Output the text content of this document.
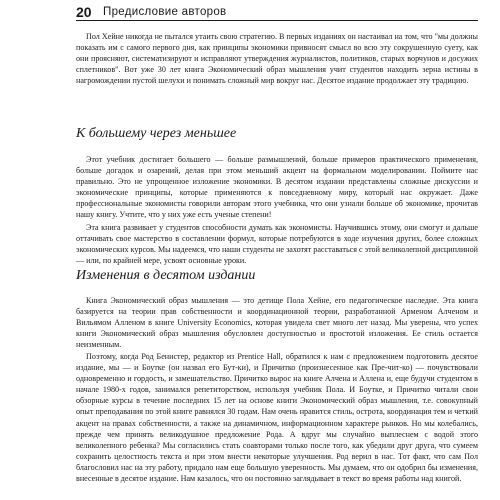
20 Предисловие авторов

Пол Хейне никогда не пытался утаить свою стратегию. В первых изданиях он настаивал на том, что "мы должны показать им с самого первого дня, как принципы экономики привносят смысл во всю эту сокрушенную суету, как они проясняют, систематизируют и исправляют утверждения журналистов, политиков, старых ворчунов и досужих сплетников". Вот уже 30 лет книга Экономический образ мышления учит студентов находить зерна истины в нагромождении пустой шелухи и понимать сложный мир вокруг нас. Десятое издание продолжает эту традицию.

К большему через меньшее

Этот учебник достигает большего — больше размышлений, больше примеров практического применения, больше догадок и озарений, делая при этом меньший акцент на формальном моделировании. Поймите нас правильно. Это не упрощенное изложение экономики. В десятом издании представлены сложные дискуссии и экономические принципы, которые применяются к повседневному миру, который нас окружает. Даже профессиональные экономисты говорили авторам этого учебника, что они узнали больше об экономике, прочитав нашу книгу. Учтите, что у них уже есть ученые степени!

Эта книга развивает у студентов способности думать как экономисты. Научившись этому, они смогут и дальше оттачивать свое мастерство в составлении формул, которые потребуются в ходе изучения других, более сложных экономических курсов. Мы надеемся, что наши студенты не захотят расставаться с этой великолепной дисциплиной — или, по крайней мере, усвоят основные уроки.

Изменения в десятом издании

Книга Экономический образ мышления — это детище Пола Хейне, его педагогическое наследие. Эта книга базируется на теории прав собственности и координационной теории, разработанной Арменом Алченом и Вильямом Алленом в книге University Economics, которая увидела свет много лет назад. Мы уверены, что успех книги Экономический образ мышления обусловлен доступностью и простотой изложения. Ее стиль остается неизменным.

Поэтому, когда Род Бенистер, редактор из Prentice Hall, обратился к нам с предложением подготовить десятое издание, мы — и Боутке (он назвал его Бут-ки), и Причитко (произнесенное как Пре-чит-ко) — почувствовали одновременно и гордость, и замешательство. Причитко вырос на книге Алчена и Аллена и, еще будучи студентом в начале 1980-х годов, занимался репетиторством, используя учебник Пола. И Боутке, и Причитко читали свои обзорные курсы в течение последних 15 лет на основе книги Экономический образ мышления, т.е. совокупный опыт преподавания по этой книге равнялся 30 годам. Нам очень нравится стиль, острота, координация тем и четкий акцент на правах собственности, а также на динамичном, информационном характере рынков. Но мы колебались, прежде чем принять великодушное предложение Рода. А вдруг мы случайно выплеснем с водой этого великолепного ребенка? Мы согласились стать соавторами только после того, как убедили друг друга, что сумеем сохранить целостность текста и при этом внести некоторые улучшения. Род верил в нас. Тот факт, что сам Пол благословил нас на эту работу, придало нам еще большую уверенность. Мы думаем, что он одобрил бы изменения, внесенные в десятое издание. Нам казалось, что он постоянно заглядывает в текст во время работы над книгой.
